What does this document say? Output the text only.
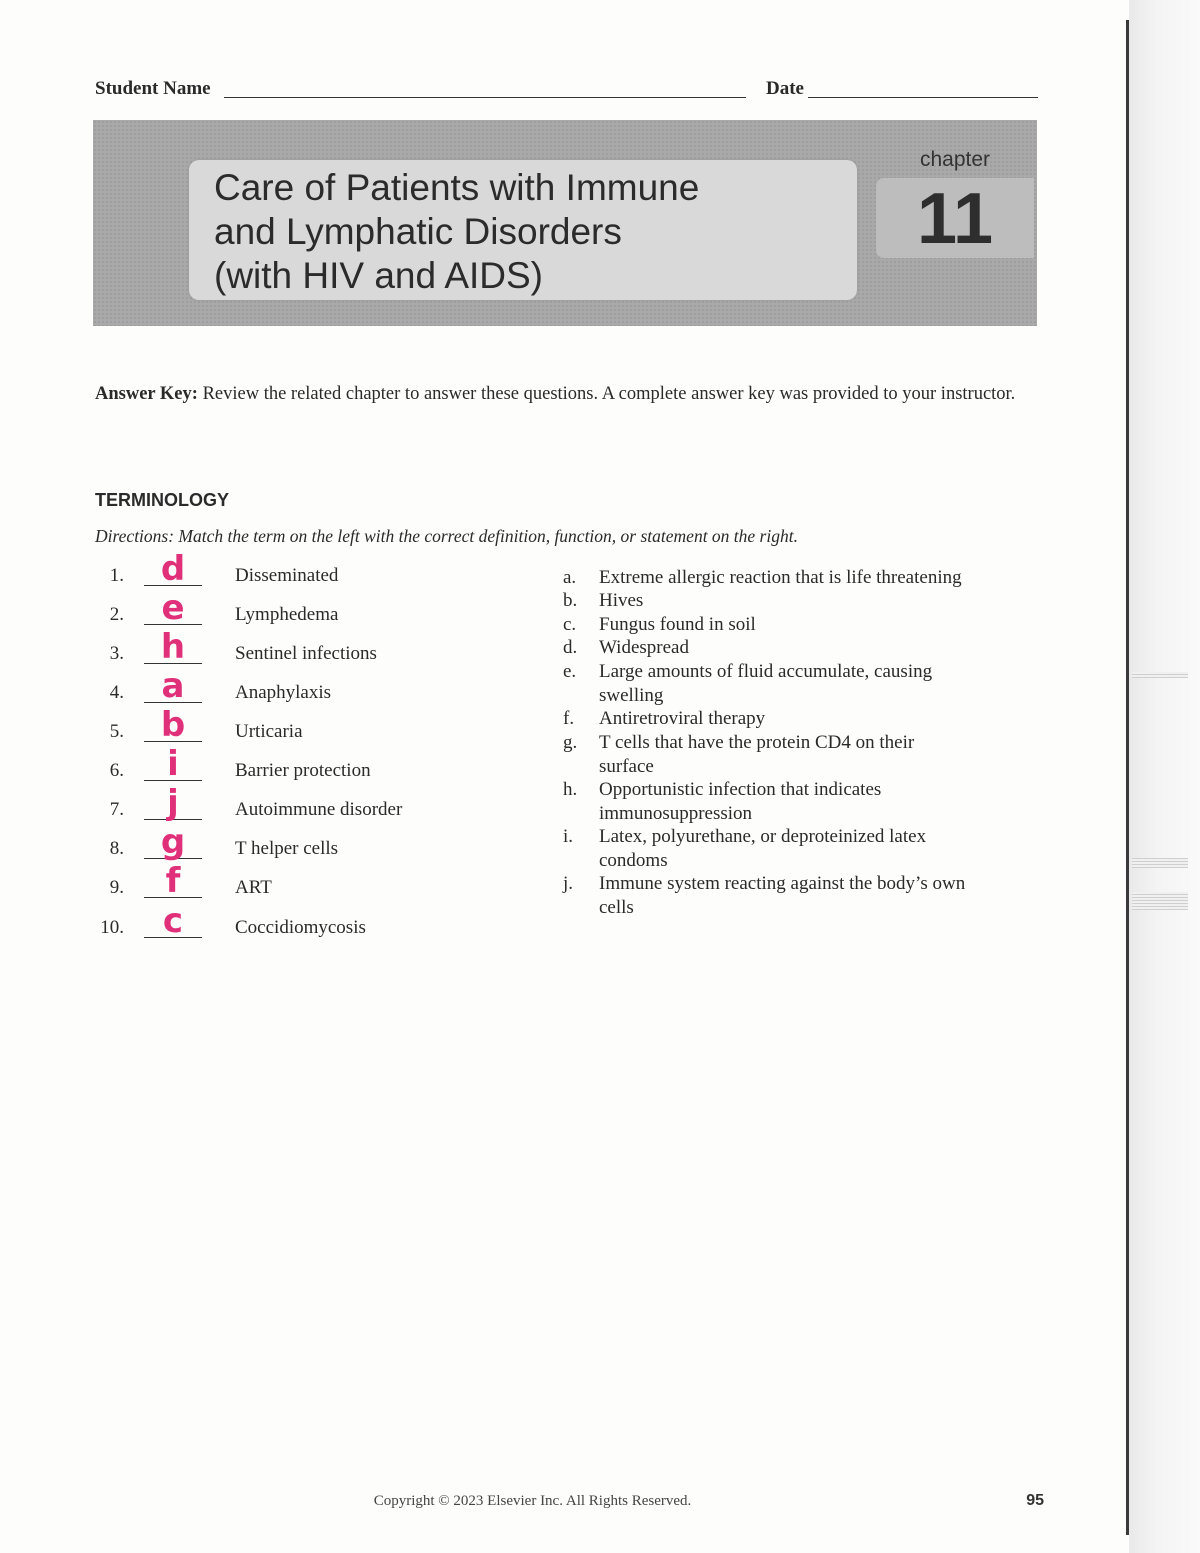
Student Name	Date
Care of Patients with Immune
and Lymphatic Disorders
(with HIV and AIDS)
chapter
11
Answer Key: Review the related chapter to answer these questions. A complete answer key was provided to your instructor.
TERMINOLOGY
Directions: Match the term on the left with the correct definition, function, or statement on the right.
1. d	Disseminated
2.	e	Lymphedema
3. h	Sentinel infections
4.	a	Anaphylaxis
5. b	Urticaria
6.	i	Barrier protection
7.	j	Autoimmune disorder
8. g	T helper cells
9.	f	ART
10.	c	Coccidiomycosis
a.	Extreme allergic reaction that is life threatening
b.	Hives
c.	Fungus found in soil
d.	Widespread
e.	Large amounts of fluid accumulate, causing swelling
f.	Antiretroviral therapy
g.	T cells that have the protein CD4 on their surface
h.	Opportunistic infection that indicates immunosuppression
i.	Latex, polyurethane, or deproteinized latex condoms
j.	Immune system reacting against the body’s own cells
Copyright © 2023 Elsevier Inc. All Rights Reserved.	95
